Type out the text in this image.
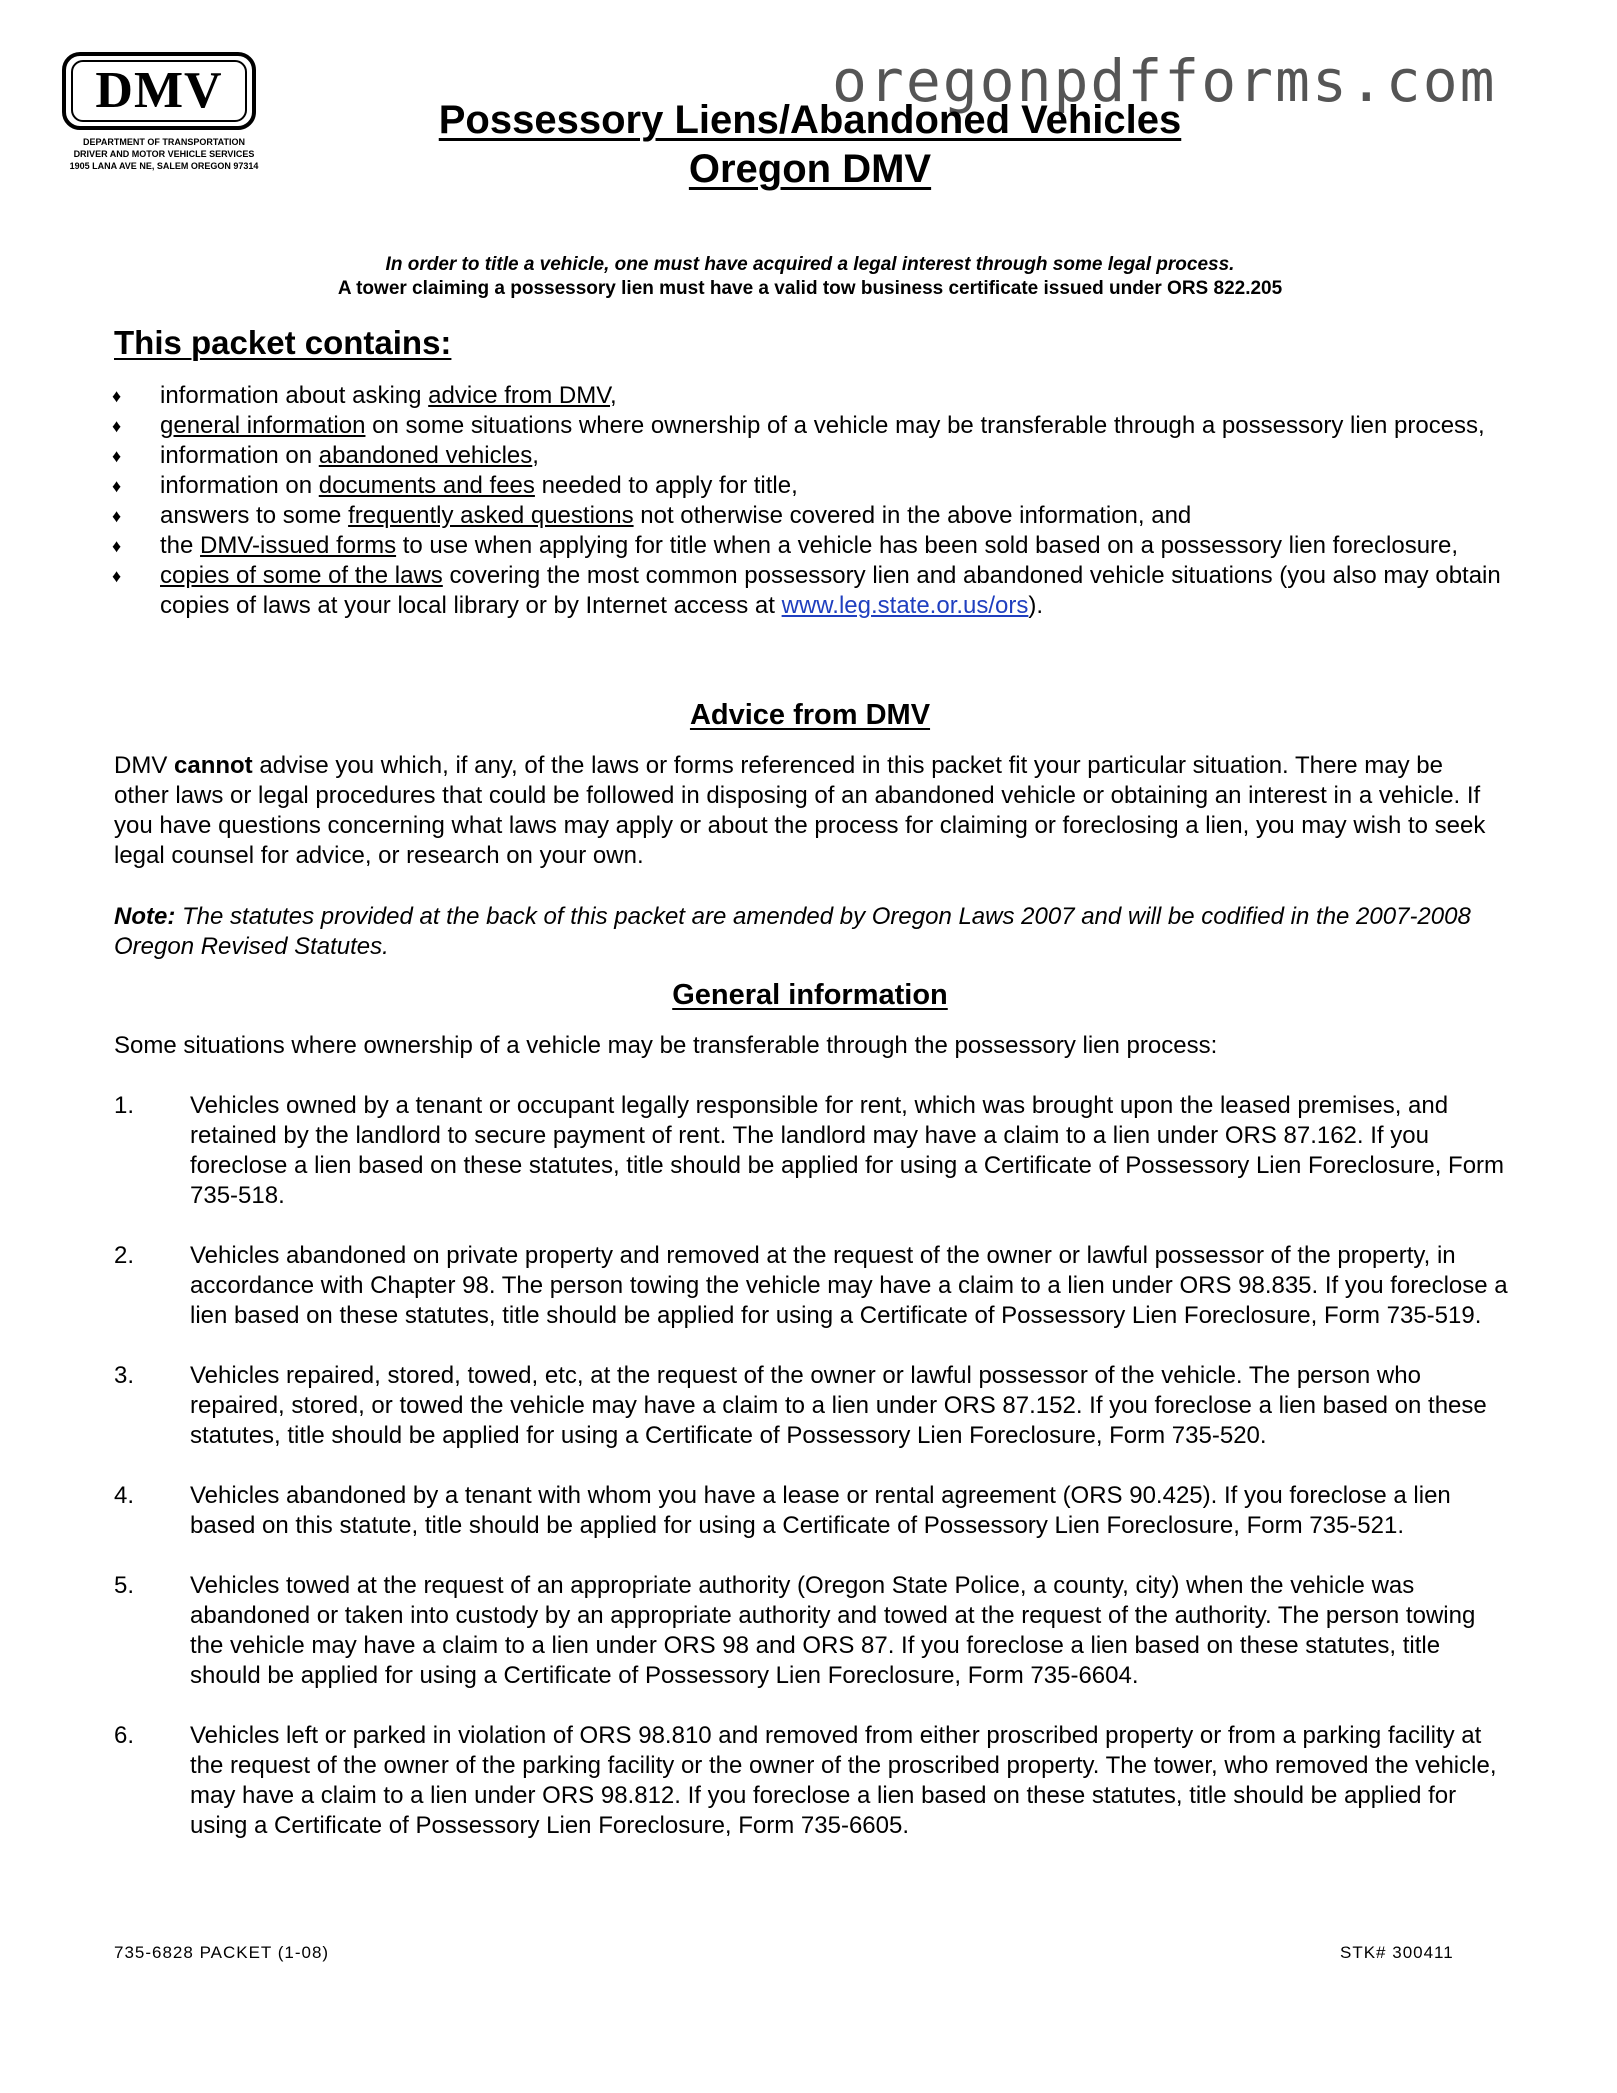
DMV
DEPARTMENT OF TRANSPORTATION
DRIVER AND MOTOR VEHICLE SERVICES
1905 LANA AVE NE, SALEM OREGON 97314
oregonpdfforms.com
Possessory Liens/Abandoned Vehicles
Oregon DMV
In order to title a vehicle, one must have acquired a legal interest through some legal process.
A tower claiming a possessory lien must have a valid tow business certificate issued under ORS 822.205
This packet contains:
♦ information about asking advice from DMV,
♦ general information on some situations where ownership of a vehicle may be transferable through a possessory lien process,
♦ information on abandoned vehicles,
♦ information on documents and fees needed to apply for title,
♦ answers to some frequently asked questions not otherwise covered in the above information, and
♦ the DMV-issued forms to use when applying for title when a vehicle has been sold based on a possessory lien foreclosure,
♦ copies of some of the laws covering the most common possessory lien and abandoned vehicle situations (you also may obtain copies of laws at your local library or by Internet access at www.leg.state.or.us/ors).
Advice from DMV

DMV cannot advise you which, if any, of the laws or forms referenced in this packet fit your particular situation. There may be other laws or legal procedures that could be followed in disposing of an abandoned vehicle or obtaining an interest in a vehicle. If you have questions concerning what laws may apply or about the process for claiming or foreclosing a lien, you may wish to seek legal counsel for advice, or research on your own.

Note: The statutes provided at the back of this packet are amended by Oregon Laws 2007 and will be codified in the 2007-2008 Oregon Revised Statutes.

General information

Some situations where ownership of a vehicle may be transferable through the possessory lien process:

1. Vehicles owned by a tenant or occupant legally responsible for rent, which was brought upon the leased premises, and retained by the landlord to secure payment of rent. The landlord may have a claim to a lien under ORS 87.162. If you foreclose a lien based on these statutes, title should be applied for using a Certificate of Possessory Lien Foreclosure, Form 735-518.
2. Vehicles abandoned on private property and removed at the request of the owner or lawful possessor of the property, in accordance with Chapter 98. The person towing the vehicle may have a claim to a lien under ORS 98.835. If you foreclose a lien based on these statutes, title should be applied for using a Certificate of Possessory Lien Foreclosure, Form 735-519.
3. Vehicles repaired, stored, towed, etc, at the request of the owner or lawful possessor of the vehicle. The person who repaired, stored, or towed the vehicle may have a claim to a lien under ORS 87.152. If you foreclose a lien based on these statutes, title should be applied for using a Certificate of Possessory Lien Foreclosure, Form 735-520.
4. Vehicles abandoned by a tenant with whom you have a lease or rental agreement (ORS 90.425). If you foreclose a lien based on this statute, title should be applied for using a Certificate of Possessory Lien Foreclosure, Form 735-521.
5. Vehicles towed at the request of an appropriate authority (Oregon State Police, a county, city) when the vehicle was abandoned or taken into custody by an appropriate authority and towed at the request of the authority. The person towing the vehicle may have a claim to a lien under ORS 98 and ORS 87. If you foreclose a lien based on these statutes, title should be applied for using a Certificate of Possessory Lien Foreclosure, Form 735-6604.
6. Vehicles left or parked in violation of ORS 98.810 and removed from either proscribed property or from a parking facility at the request of the owner of the parking facility or the owner of the proscribed property. The tower, who removed the vehicle, may have a claim to a lien under ORS 98.812. If you foreclose a lien based on these statutes, title should be applied for using a Certificate of Possessory Lien Foreclosure, Form 735-6605.
735-6828 PACKET (1-08)	STK# 300411
